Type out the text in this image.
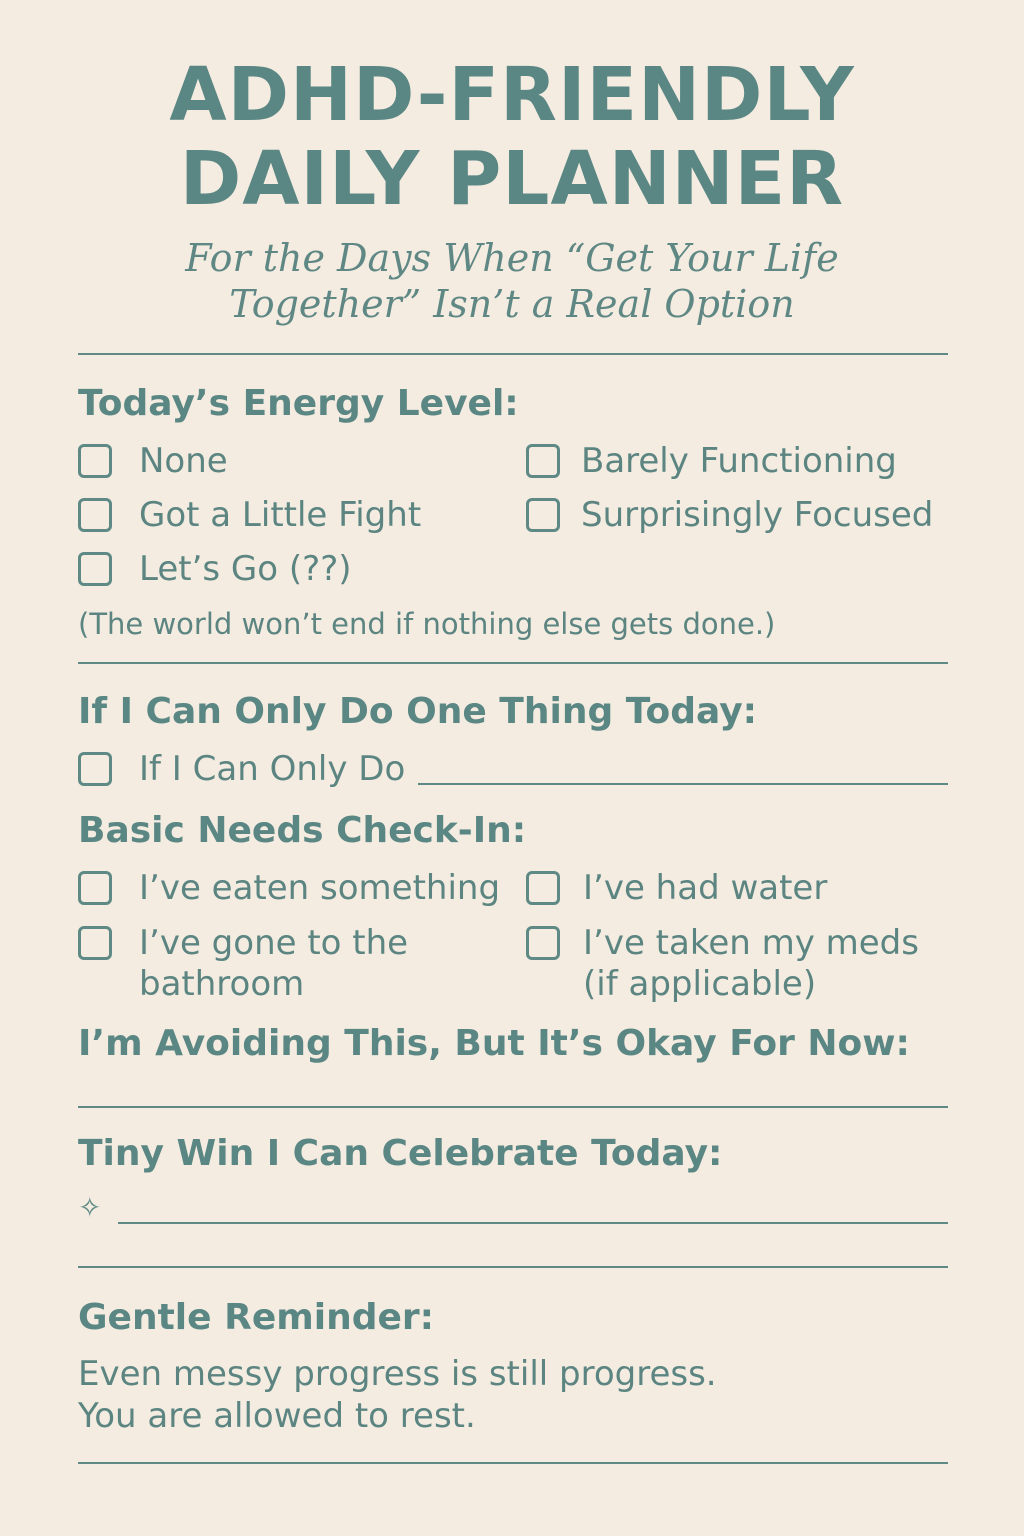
ADHD-FRIENDLY
DAILY PLANNER
For the Days When “Get Your Life
Together” Isn’t a Real Option
Today’s Energy Level:
None	Barely Functioning
Got a Little Fight	Surprisingly Focused
Let’s Go (??)
(The world won’t end if nothing else gets done.)
If I Can Only Do One Thing Today:
If I Can Only Do
Basic Needs Check-In:
I’ve eaten something I’ve had water
I’ve gone to the
bathroom
I’ve taken my meds
(if applicable)
I’m Avoiding This, But It’s Okay For Now:
Tiny Win I Can Celebrate Today:
✧
Gentle Reminder:
Even messy progress is still progress.
You are allowed to rest.
